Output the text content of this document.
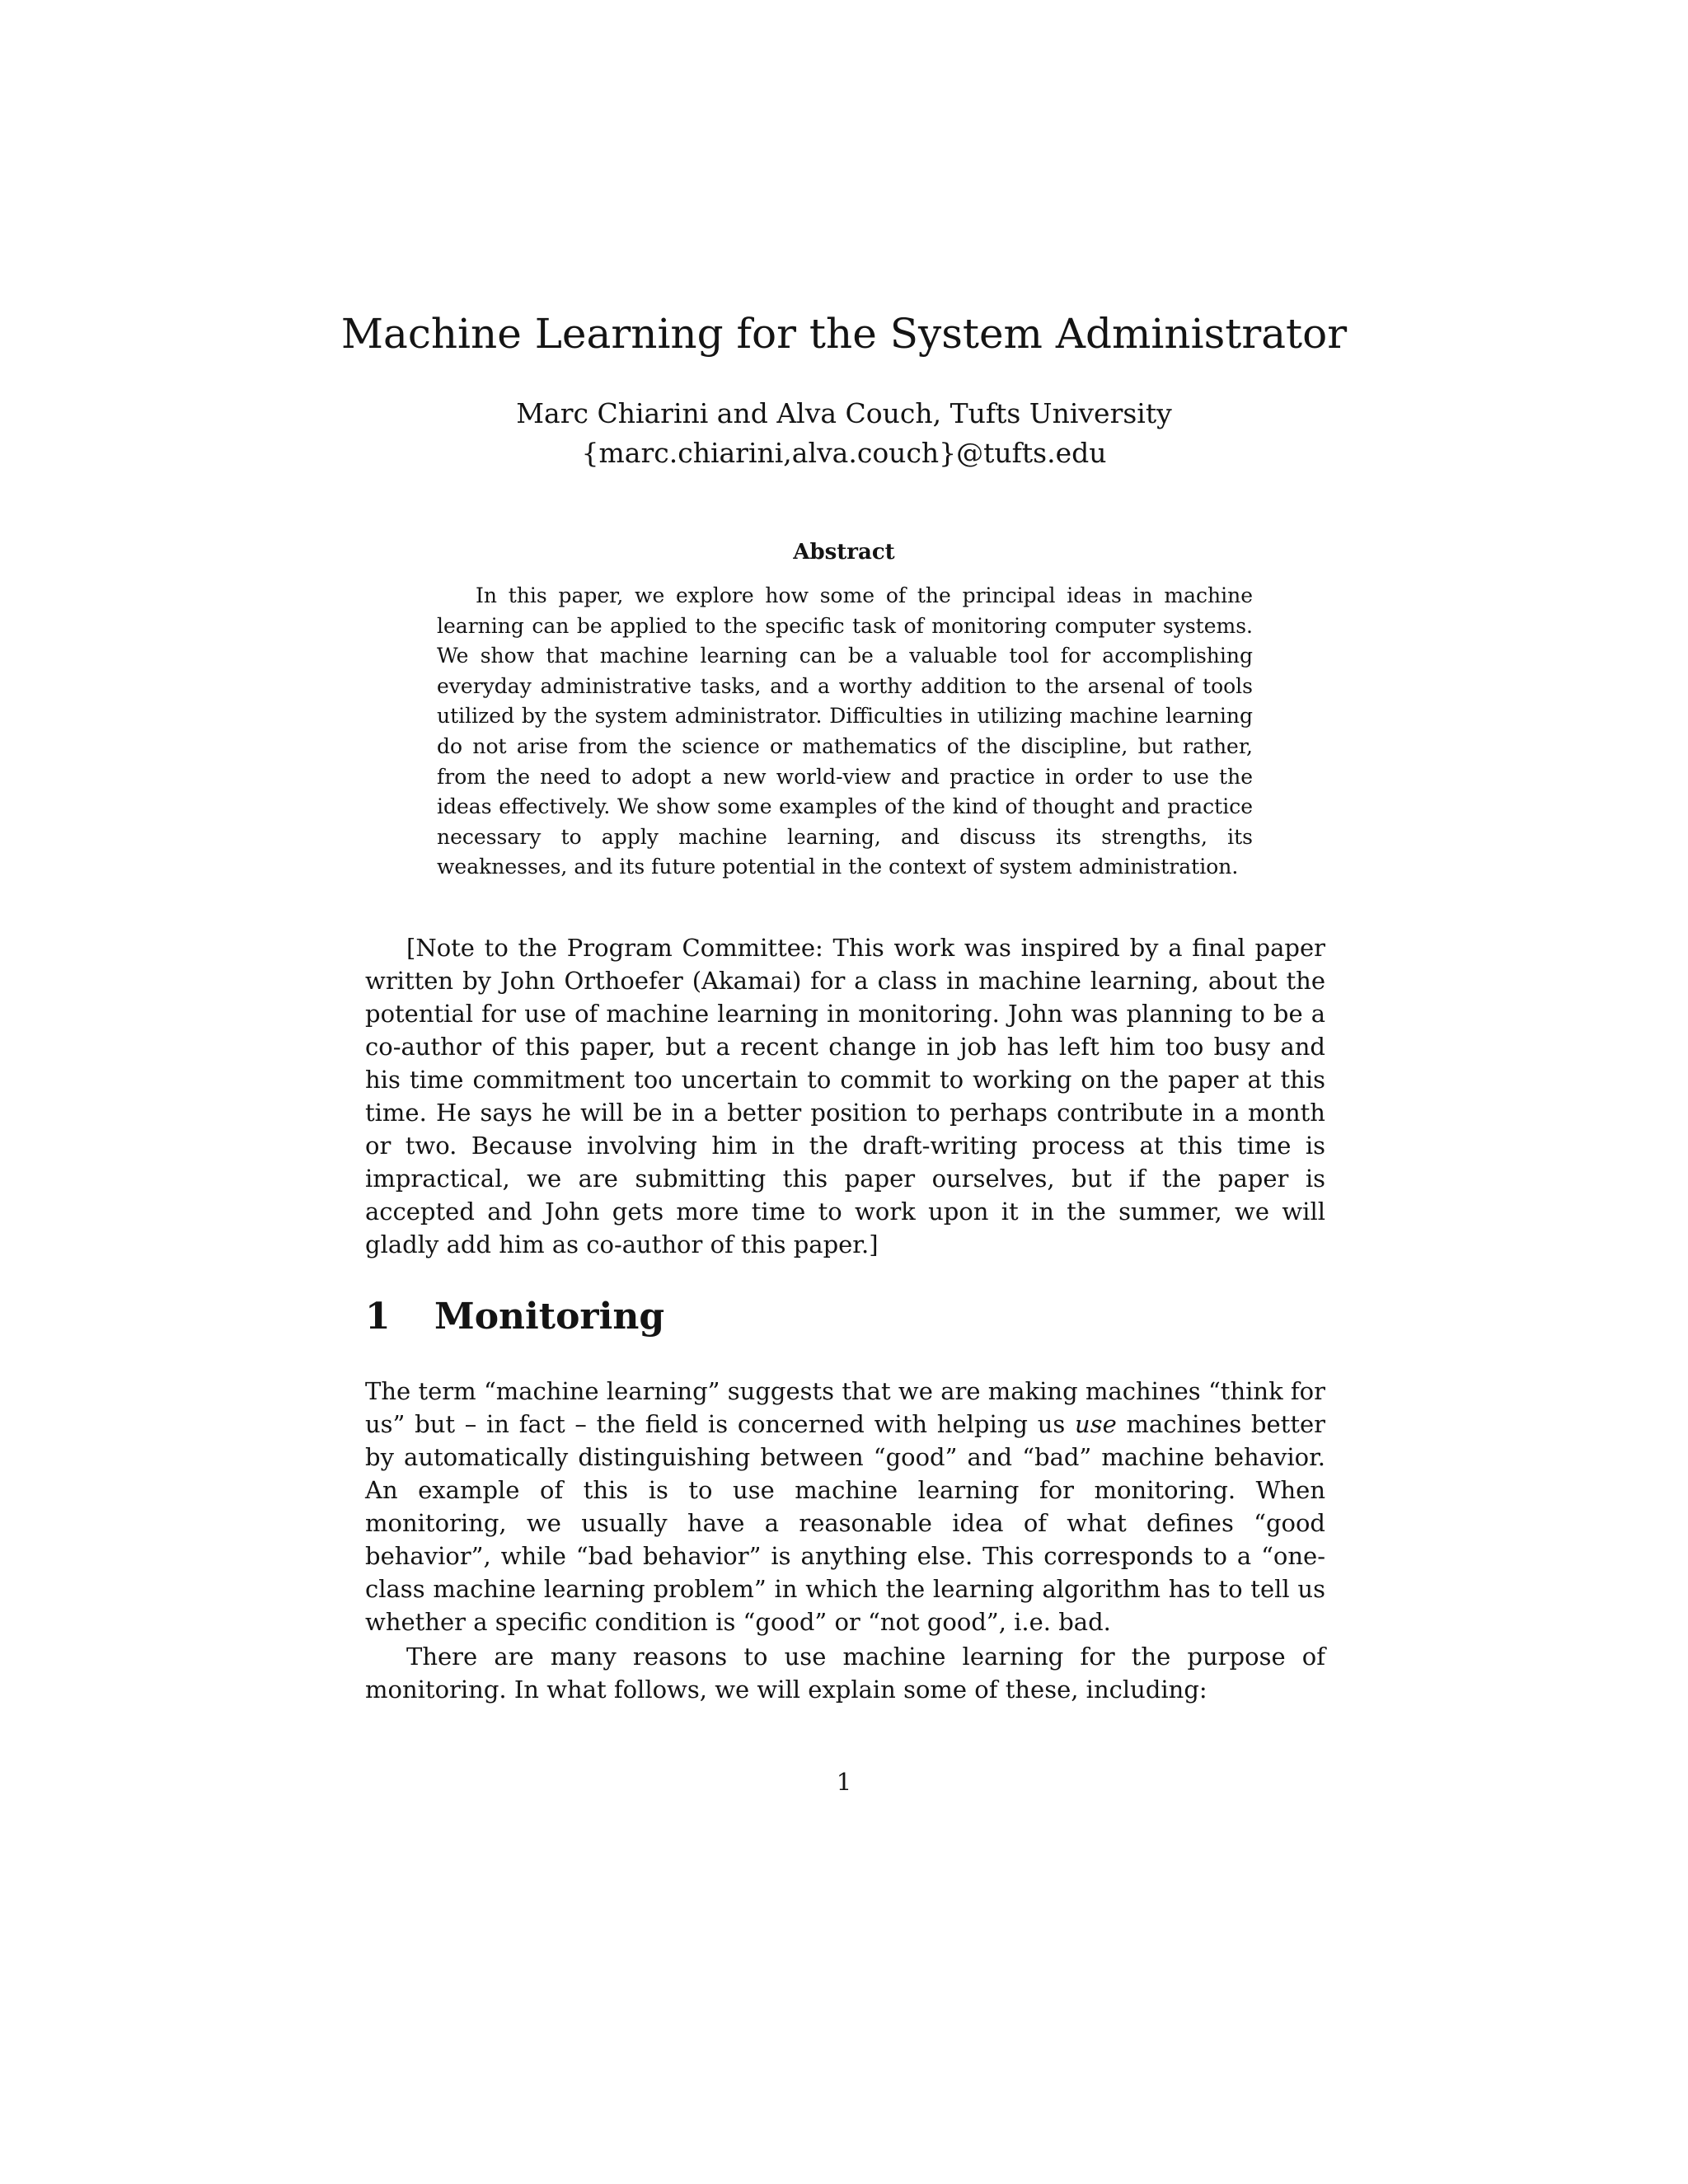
Machine Learning for the System Administrator
Marc Chiarini and Alva Couch, Tufts University
{marc.chiarini,alva.couch}@tufts.edu
Abstract

In this paper, we explore how some of the principal ideas in machine learning can be applied to the specific task of monitoring computer systems. We show that machine learning can be a valuable tool for accomplishing everyday administrative tasks, and a worthy addition to the arsenal of tools utilized by the system administrator. Difficulties in utilizing machine learning do not arise from the science or mathematics of the discipline, but rather, from the need to adopt a new world-view and practice in order to use the ideas effectively. We show some examples of the kind of thought and practice necessary to apply machine learning, and discuss its strengths, its weaknesses, and its future potential in the context of system administration.

[Note to the Program Committee: This work was inspired by a final paper written by John Orthoefer (Akamai) for a class in machine learning, about the potential for use of machine learning in monitoring. John was planning to be a co-author of this paper, but a recent change in job has left him too busy and his time commitment too uncertain to commit to working on the paper at this time. He says he will be in a better position to perhaps contribute in a month or two. Because involving him in the draft-writing process at this time is impractical, we are submitting this paper ourselves, but if the paper is accepted and John gets more time to work upon it in the summer, we will gladly add him as co-author of this paper.]

1 Monitoring

The term “machine learning” suggests that we are making machines “think for us” but – in fact – the field is concerned with helping us use machines better by automatically distinguishing between “good” and “bad” machine behavior. An example of this is to use machine learning for monitoring. When monitoring, we usually have a reasonable idea of what defines “good behavior”, while “bad behavior” is anything else. This corresponds to a “one-class machine learning problem” in which the learning algorithm has to tell us whether a specific condition is “good” or “not good”, i.e. bad.

There are many reasons to use machine learning for the purpose of monitoring. In what follows, we will explain some of these, including:

1
